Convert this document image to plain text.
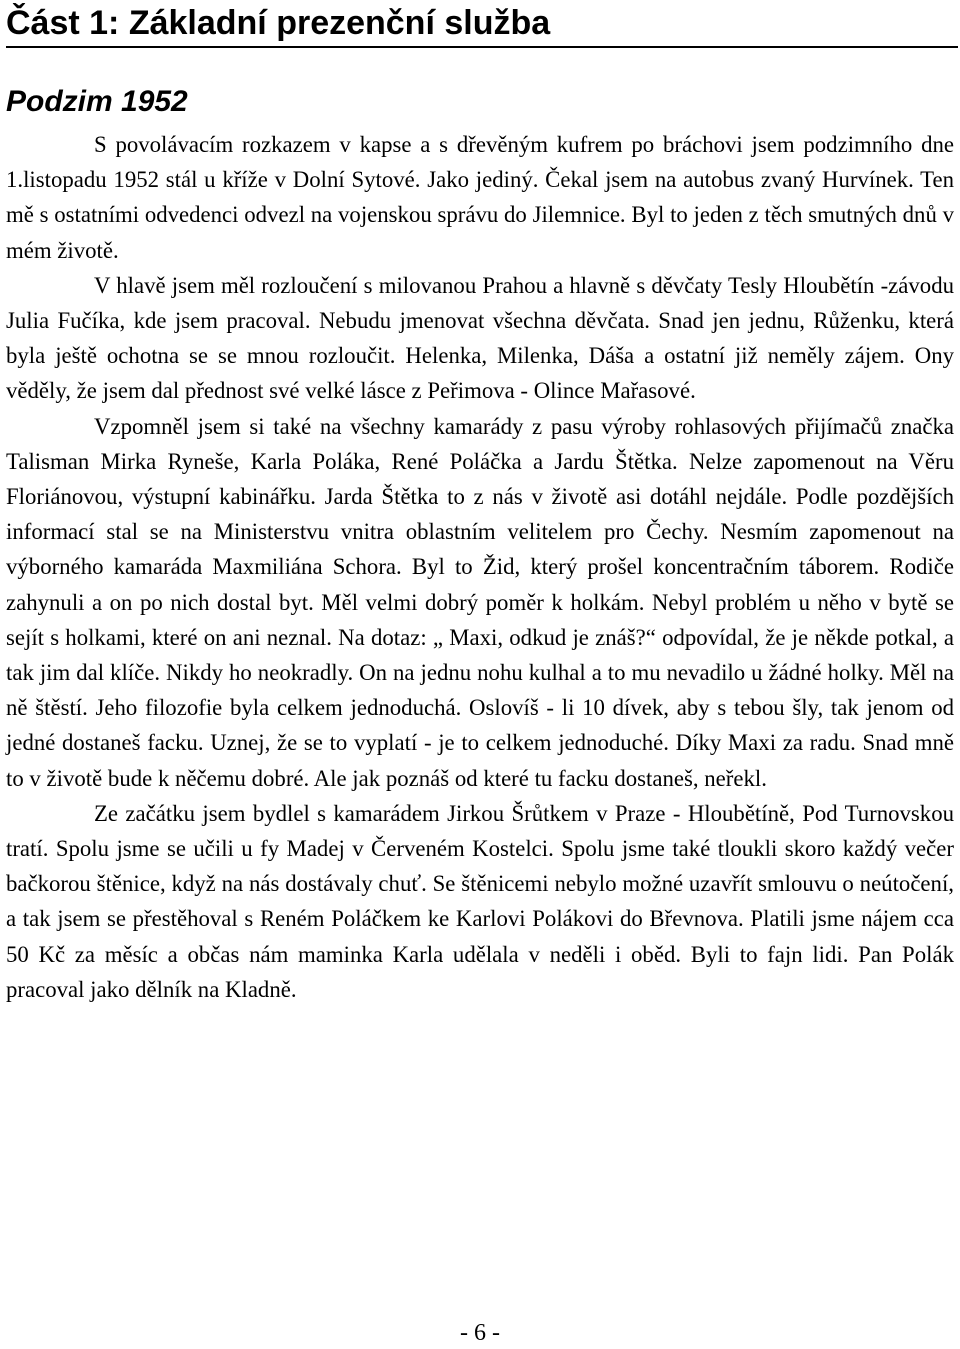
Část 1: Základní prezenční služba
Podzim 1952

S povolávacím rozkazem v kapse a s dřevěným kufrem po bráchovi jsem podzimního dne 1.listopadu 1952 stál u kříže v Dolní Sytové. Jako jediný. Čekal jsem na autobus zvaný Hurvínek. Ten mě s ostatními odvedenci odvezl na vojenskou správu do Jilemnice. Byl to jeden z těch smutných dnů v mém životě.

V hlavě jsem měl rozloučení s milovanou Prahou a hlavně s děvčaty Tesly Hloubětín -závodu Julia Fučíka, kde jsem pracoval. Nebudu jmenovat všechna děvčata. Snad jen jednu, Růženku, která byla ještě ochotna se se mnou rozloučit. Helenka, Milenka, Dáša a ostatní již neměly zájem. Ony věděly, že jsem dal přednost své velké lásce z Peřimova - Olince Mařasové.

Vzpomněl jsem si také na všechny kamarády z pasu výroby rohlasových přijímačů značka Talisman Mirka Ryneše, Karla Poláka, René Poláčka a Jardu Štětka. Nelze zapomenout na Věru Floriánovou, výstupní kabinářku. Jarda Štětka to z nás v životě asi dotáhl nejdále. Podle pozdějších informací stal se na Ministerstvu vnitra oblastním velitelem pro Čechy. Nesmím zapomenout na výborného kamaráda Maxmiliána Schora. Byl to Žid, který prošel koncentračním táborem. Rodiče zahynuli a on po nich dostal byt. Měl velmi dobrý poměr k holkám. Nebyl problém u něho v bytě se sejít s holkami, které on ani neznal. Na dotaz: „ Maxi, odkud je znáš?“ odpovídal, že je někde potkal, a tak jim dal klíče. Nikdy ho neokradly. On na jednu nohu kulhal a to mu nevadilo u žádné holky. Měl na ně štěstí. Jeho filozofie byla celkem jednoduchá. Oslovíš - li 10 dívek, aby s tebou šly, tak jenom od jedné dostaneš facku. Uznej, že se to vyplatí - je to celkem jednoduché. Díky Maxi za radu. Snad mně to v životě bude k něčemu dobré. Ale jak poznáš od které tu facku dostaneš, neřekl.

Ze začátku jsem bydlel s kamarádem Jirkou Šrůtkem v Praze - Hloubětíně, Pod Turnovskou tratí. Spolu jsme se učili u fy Madej v Červeném Kostelci. Spolu jsme také tloukli skoro každý večer bačkorou štěnice, když na nás dostávaly chuť. Se štěnicemi nebylo možné uzavřít smlouvu o neútočení, a tak jsem se přestěhoval s Reném Poláčkem ke Karlovi Polákovi do Břevnova. Platili jsme nájem cca 50 Kč za měsíc a občas nám maminka Karla udělala v neděli i oběd. Byli to fajn lidi. Pan Polák pracoval jako dělník na Kladně.

- 6 -
